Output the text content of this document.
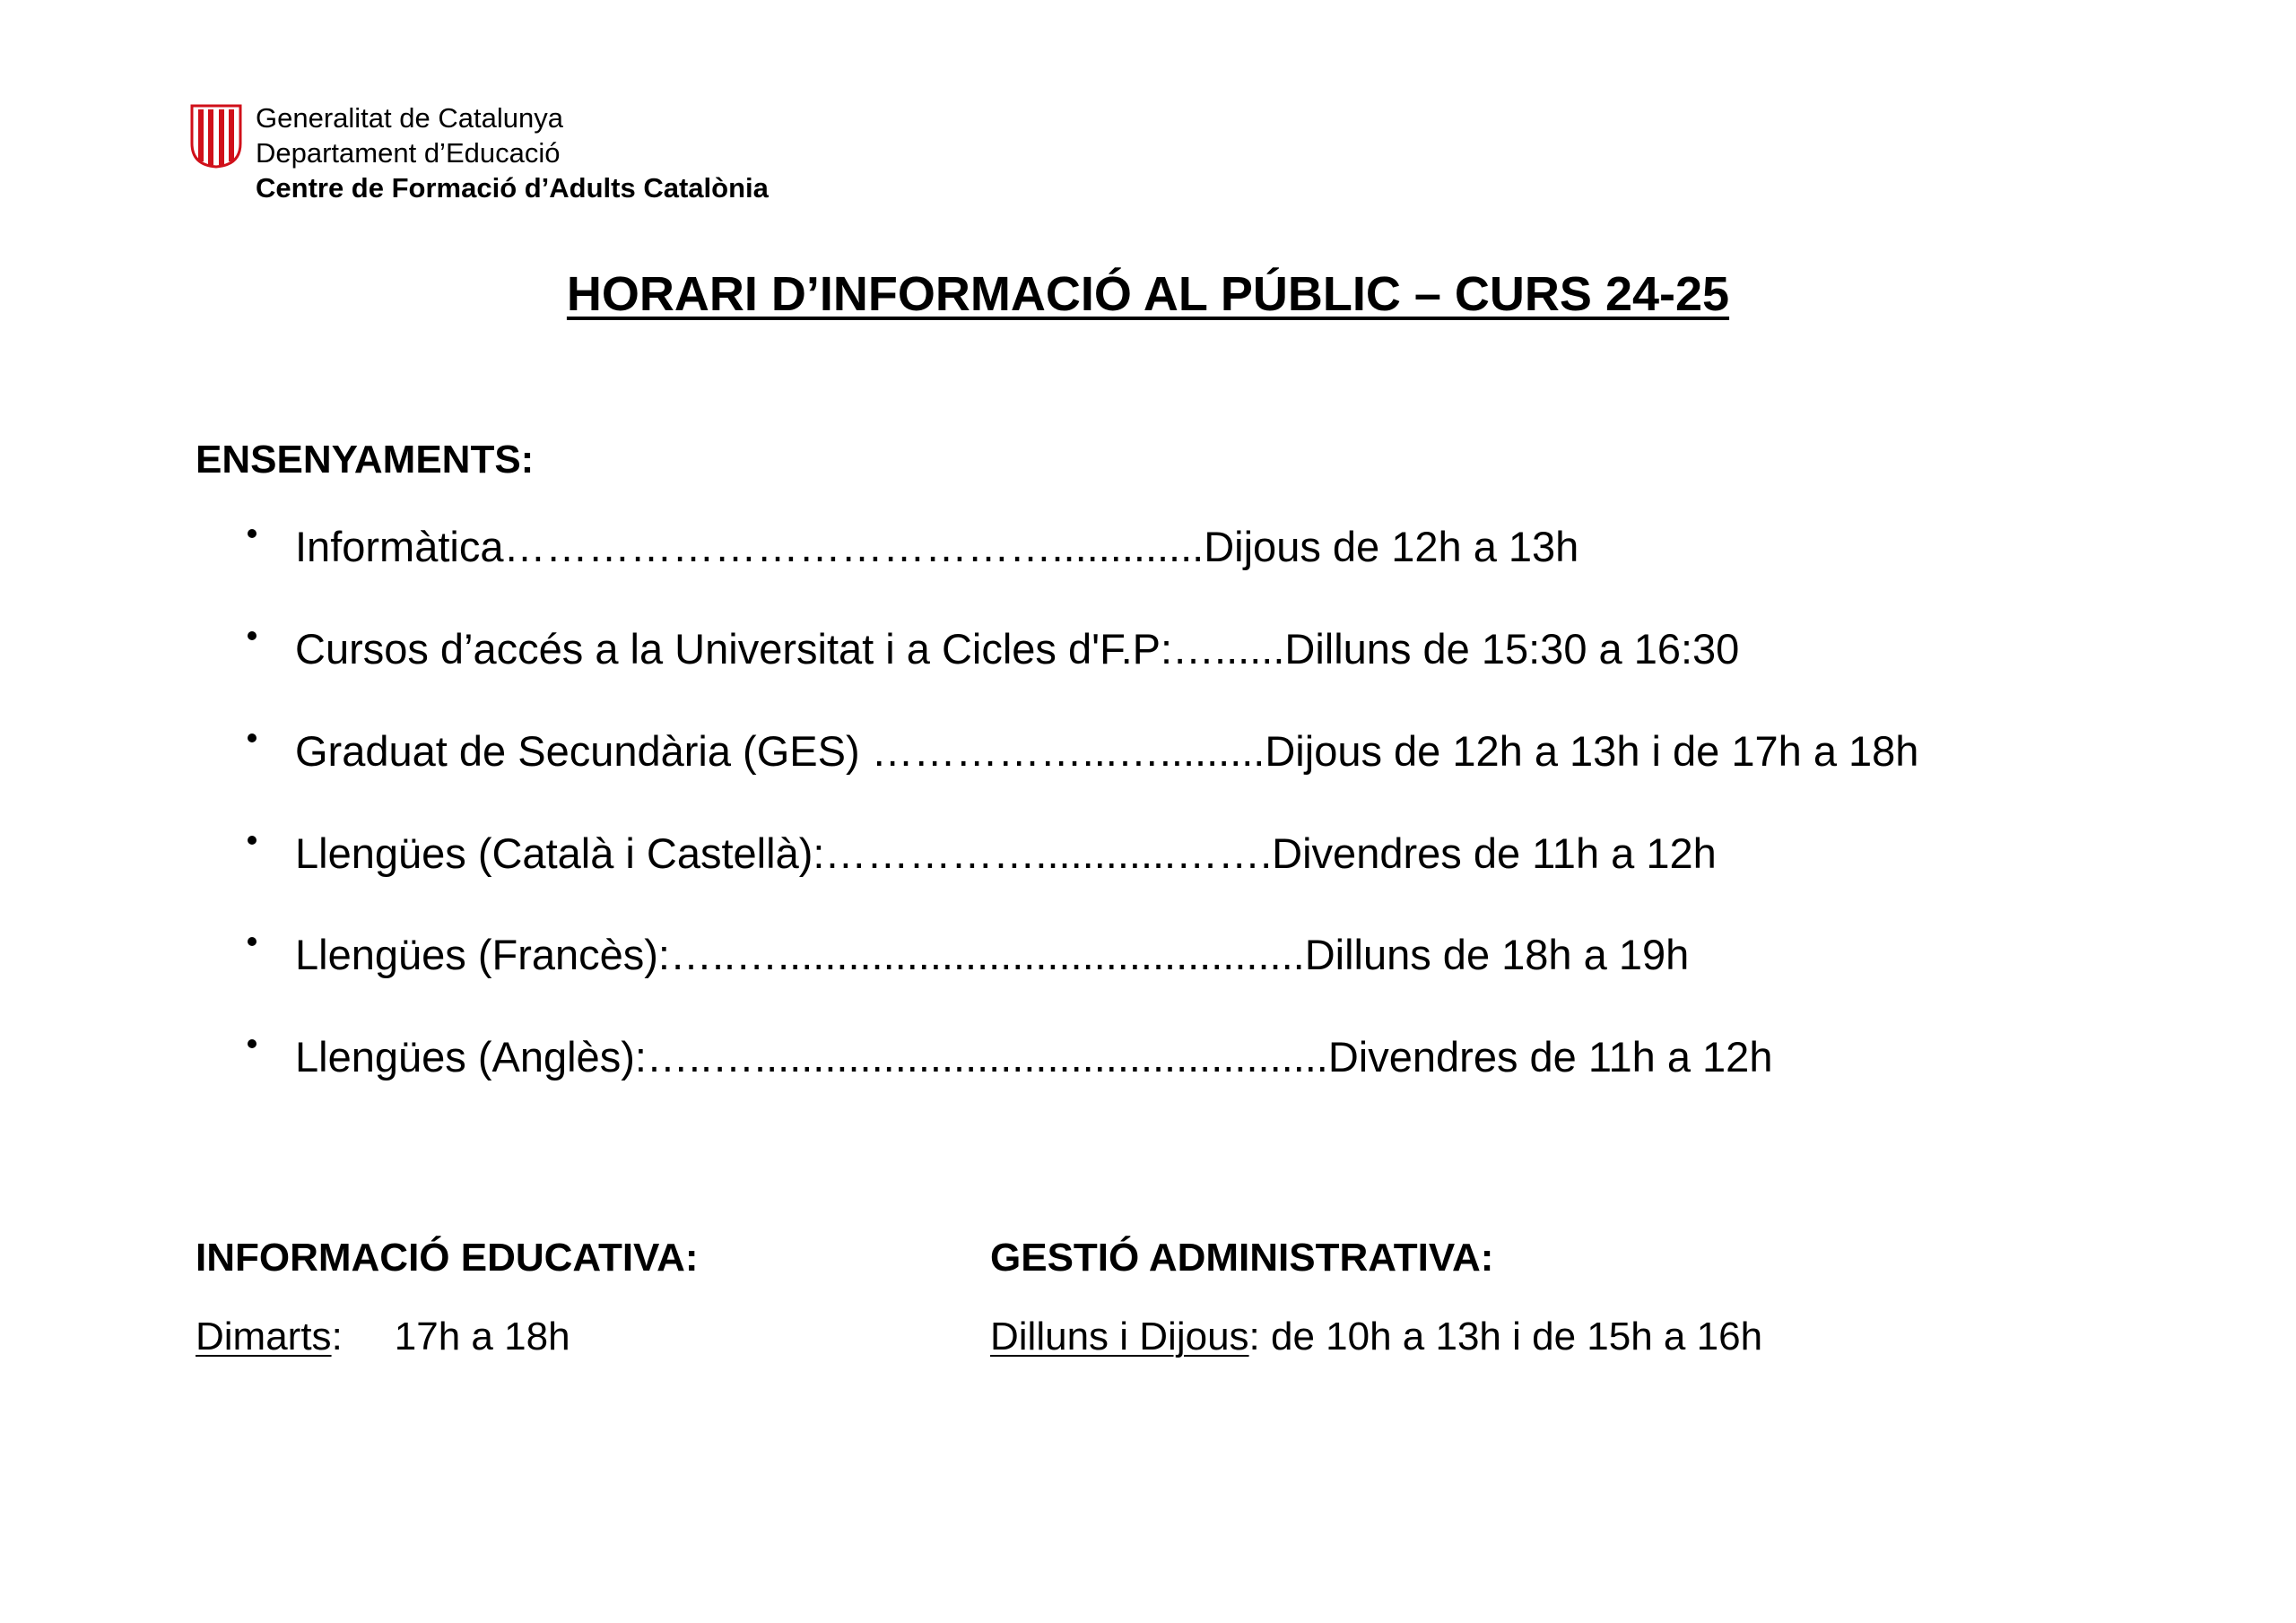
Generalitat de Catalunya
Departament d’Educació
Centre de Formació d’Adults Catalònia
HORARI D’INFORMACIÓ AL PÚBLIC – CURS 24-25
ENSENYAMENTS:
Informàtica………………………………….............Dijous de 12h a 13h
Cursos d’accés a la Universitat i a Cicles d'F.P:…......Dilluns de 15:30 a 16:30
Graduat de Secundària (GES) ……………...….........Dijous de 12h a 13h i de 17h a 18h
Llengües (Català i Castellà):……………............…….Divendres de 11h a 12h
Llengües (Francès):…..….............................................Dilluns de 18h a 19h
Llengües (Anglès):…..….................................................Divendres de 11h a 12h
INFORMACIÓ EDUCATIVA:	GESTIÓ ADMINISTRATIVA:
Dimarts: 17h a 18h	Dilluns i Dijous: de 10h a 13h i de 15h a 16h
